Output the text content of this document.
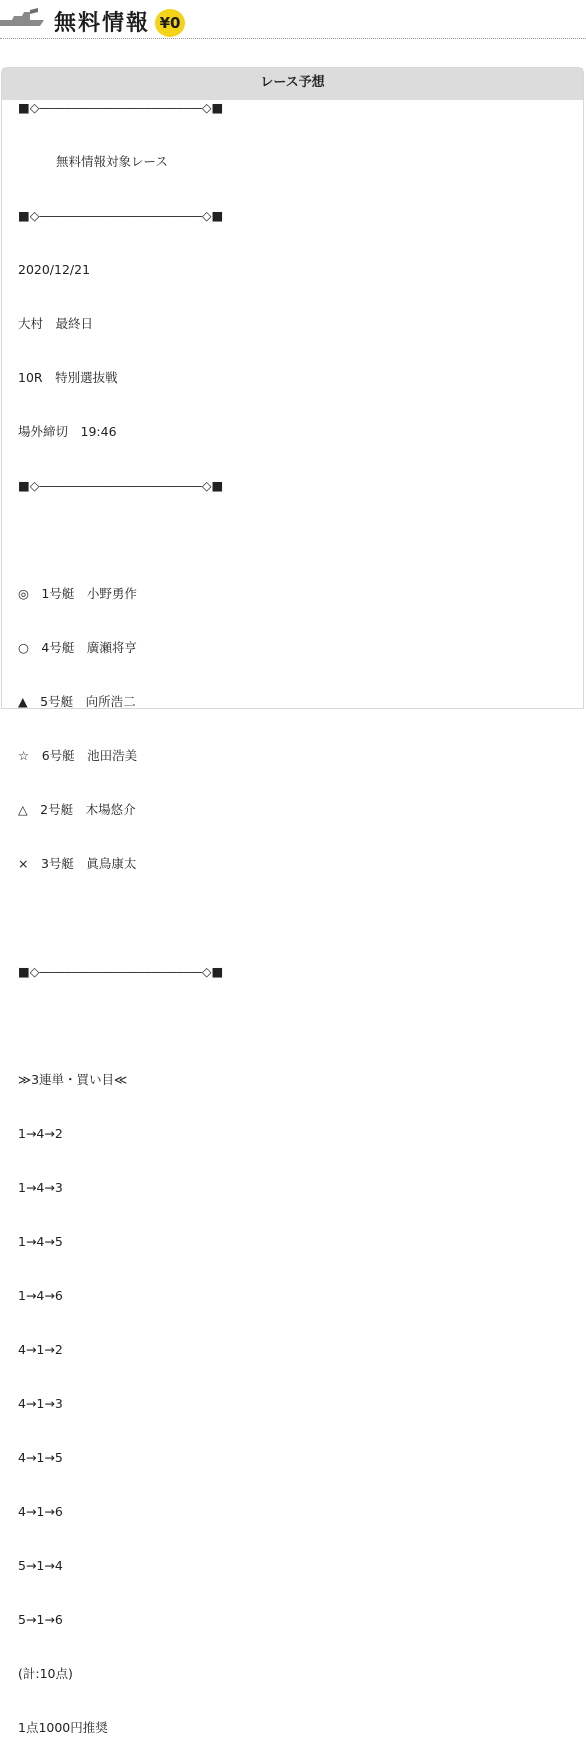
無料情報 ¥0
レース予想

■◇―――――――――――――◇■

無料情報対象レース

■◇―――――――――――――◇■

2020/12/21

大村　最終日

10R　特別選抜戦

場外締切　19:46

■◇―――――――――――――◇■

◎　1号艇　小野勇作

○　4号艇　廣瀬将亨

▲　5号艇　向所浩二

☆　6号艇　池田浩美

△　2号艇　木場悠介

×　3号艇　眞鳥康太

■◇―――――――――――――◇■

≫3連単・買い目≪

1→4→2

1→4→3

1→4→5

1→4→6

4→1→2

4→1→3

4→1→5

4→1→6

5→1→4

5→1→6

(計:10点)

1点1000円推奨
